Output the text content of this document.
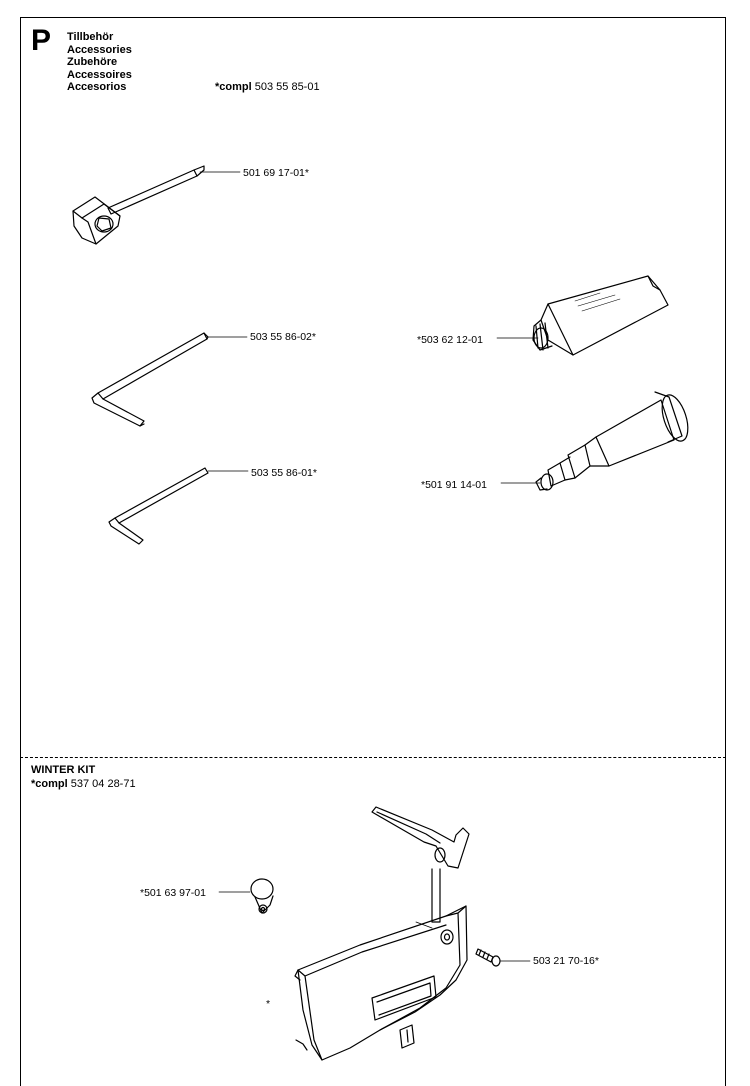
P Tillbehör
Accessories
Zubehöre
Accessoires
Accesorios	*compl 503 55 85-01
501 69 17-01*
503 55 86-02*
503 55 86-01*
*503 62 12-01
*501 91 14-01
WINTER KIT
*compl 537 04 28-71
*501 63 97-01
503 21 70-16*
*
